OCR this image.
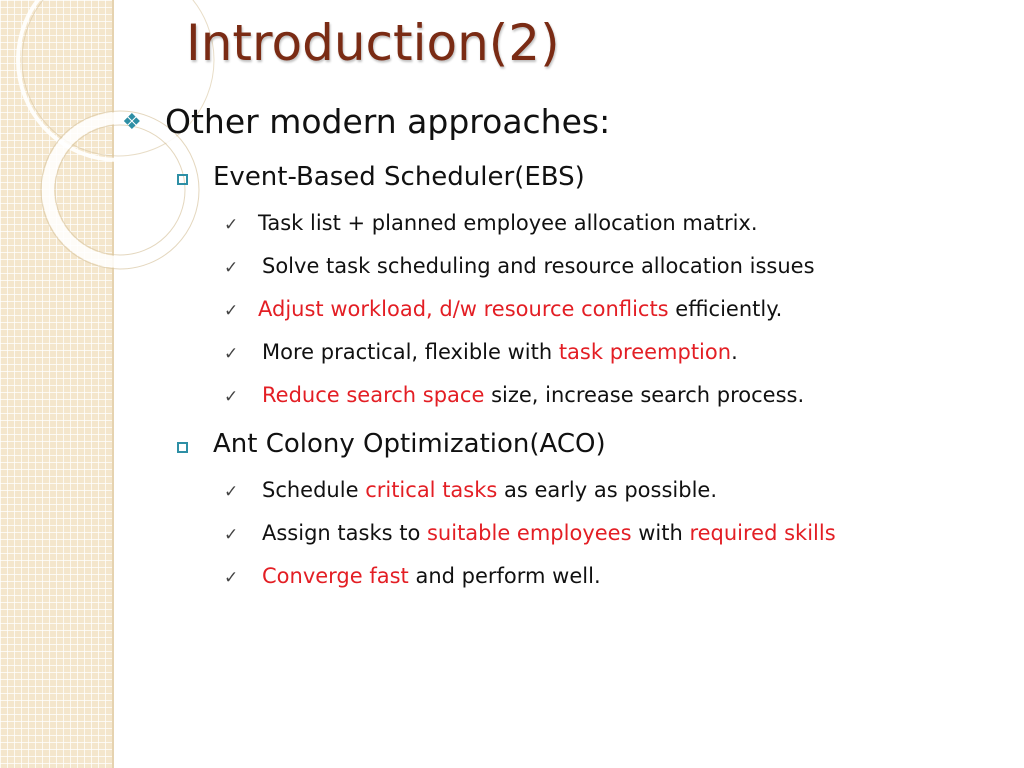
Introduction(2)
❖ Other modern approaches:
Event-Based Scheduler(EBS)
✓ Task list + planned employee allocation matrix.
✓ Solve task scheduling and resource allocation issues
✓ Adjust workload, d/w resource conflicts efficiently.
✓ More practical, flexible with task preemption.
✓ Reduce search space size, increase search process.
Ant Colony Optimization(ACO)
✓ Schedule critical tasks as early as possible.
✓ Assign tasks to suitable employees with required skills
✓ Converge fast and perform well.
